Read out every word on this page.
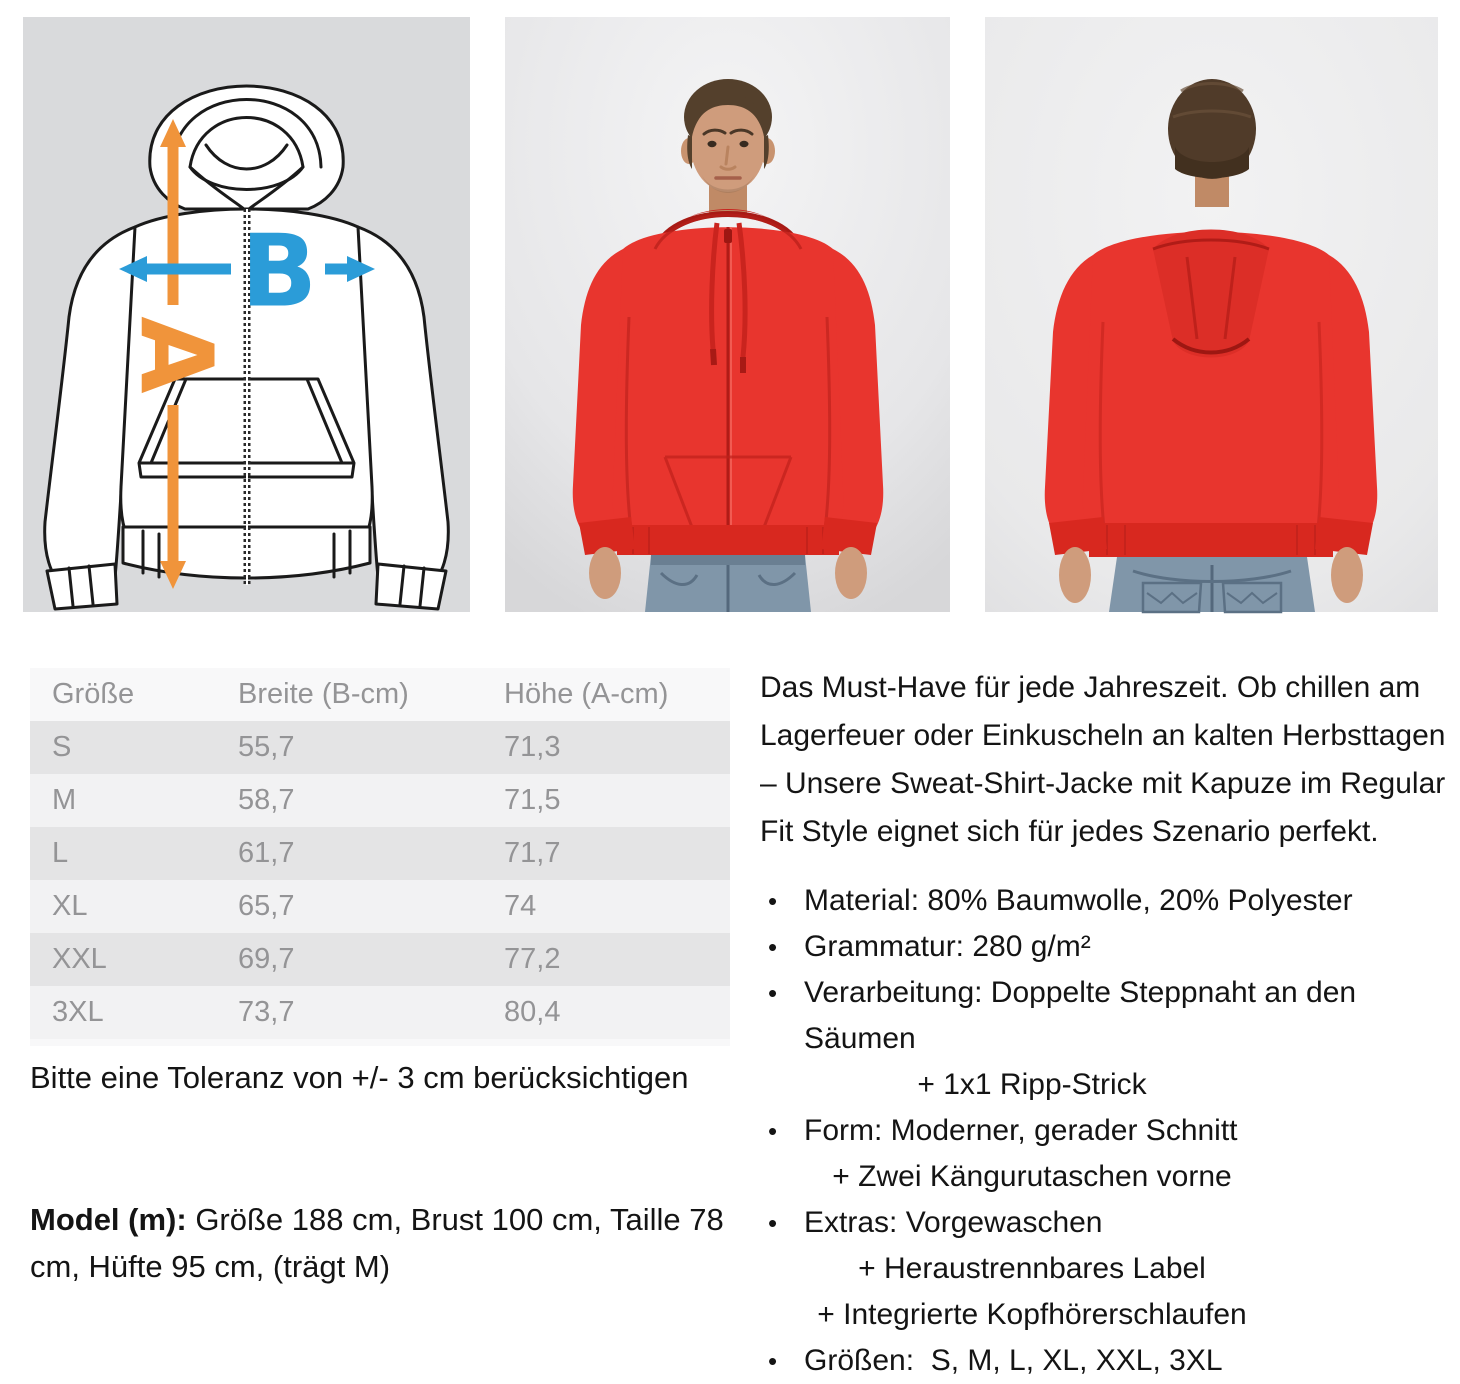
A
B
Größe	Breite (B-cm)	Höhe (A-cm)
S	55,7	71,3
M	58,7	71,5
L	61,7	71,7
XL	65,7	74
XXL	69,7	77,2
3XL	73,7	80,4
Bitte eine Toleranz von +/- 3 cm berücksichtigen
Model (m): Größe 188 cm, Brust 100 cm, Taille 78 cm, Hüfte 95 cm, (trägt M)

Das Must-Have für jede Jahreszeit. Ob chillen am Lagerfeuer oder Einkuscheln an kalten Herbsttagen – Unsere Sweat-Shirt-Jacke mit Kapuze im Regular Fit Style eignet sich für jedes Szenario perfekt.

• Material: 80% Baumwolle, 20% Polyester
• Grammatur: 280 g/m²
• Verarbeitung: Doppelte Steppnaht an den Säumen
+ 1x1 Ripp-Strick
• Form: Moderner, gerader Schnitt
+ Zwei Kängurutaschen vorne
• Extras: Vorgewaschen
+ Heraustrennbares Label
+ Integrierte Kopfhörerschlaufen
• Größen:  S, M, L, XL, XXL, 3XL
